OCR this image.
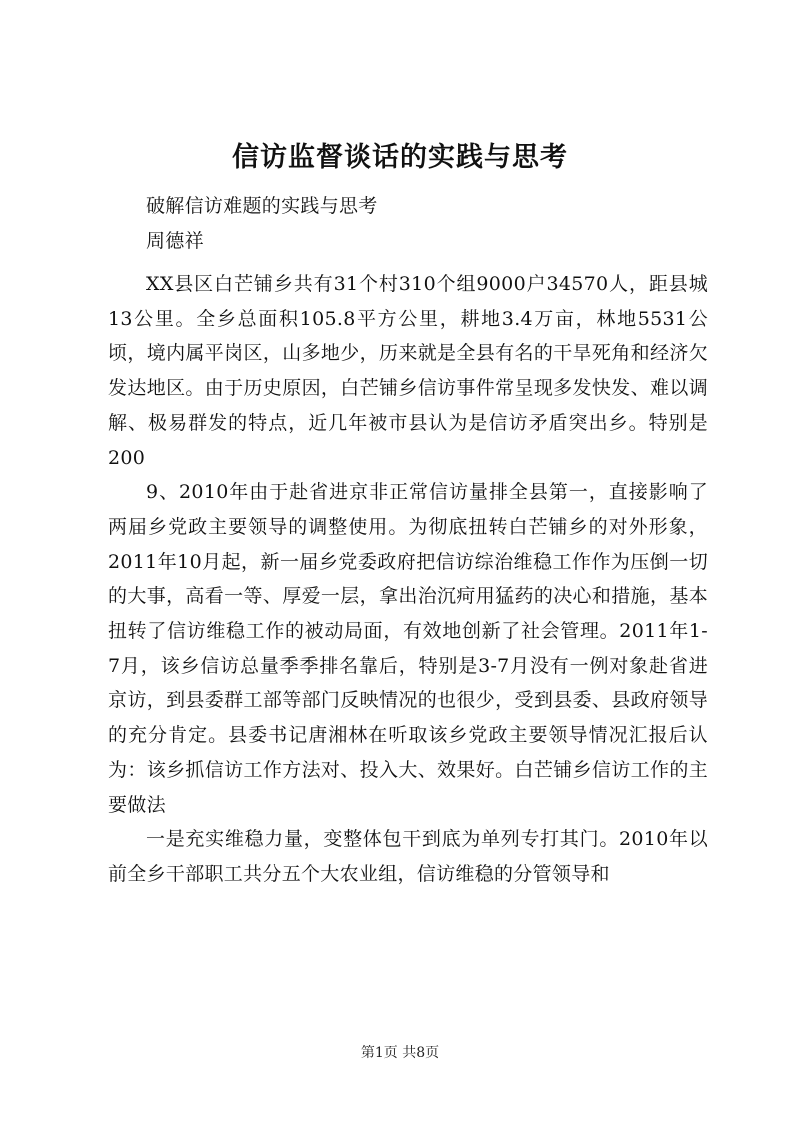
信访监督谈话的实践与思考
破解信访难题的实践与思考
周德祥

XX县区白芒铺乡共有31个村310个组9000户34570人，距县城13公里。全乡总面积105.8平方公里，耕地3.4万亩，林地5531公顷，境内属平岗区，山多地少，历来就是全县有名的干旱死角和经济欠发达地区。由于历史原因，白芒铺乡信访事件常呈现多发快发、难以调解、极易群发的特点，近几年被市县认为是信访矛盾突出乡。特别是200

9、2010年由于赴省进京非正常信访量排全县第一，直接影响了两届乡党政主要领导的调整使用。为彻底扭转白芒铺乡的对外形象，2011年10月起，新一届乡党委政府把信访综治维稳工作作为压倒一切的大事，高看一等、厚爱一层，拿出治沉疴用猛药的决心和措施，基本扭转了信访维稳工作的被动局面，有效地创新了社会管理。2011年1-7月，该乡信访总量季季排名靠后，特别是3-7月没有一例对象赴省进京访，到县委群工部等部门反映情况的也很少，受到县委、县政府领导的充分肯定。县委书记唐湘林在听取该乡党政主要领导情况汇报后认为：该乡抓信访工作方法对、投入大、效果好。白芒铺乡信访工作的主要做法

一是充实维稳力量，变整体包干到底为单列专打其门。2010年以前全乡干部职工共分五个大农业组，信访维稳的分管领导和

第1页 共8页
